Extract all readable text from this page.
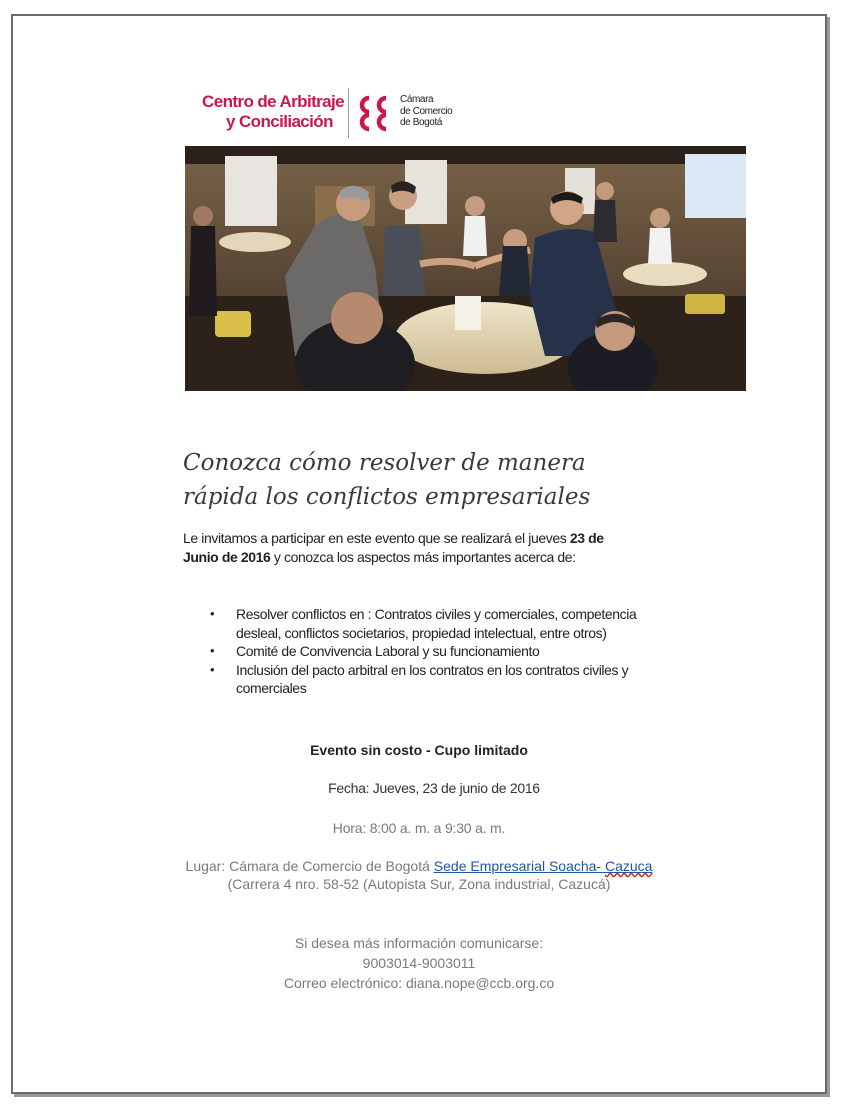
Centro de Arbitraje
y Conciliación
Cámara
de Comercio
de Bogotá
Conozca cómo resolver de manera
rápida los conflictos empresariales
Le invitamos a participar en este evento que se realizará el jueves 23 de Junio de 2016 y conozca los aspectos más importantes acerca de:
• Resolver conflictos en : Contratos civiles y comerciales, competencia desleal, conflictos societarios, propiedad intelectual, entre otros)
• Comité de Convivencia Laboral y su funcionamiento
• Inclusión del pacto arbitral en los contratos en los contratos civiles y comerciales
Evento sin costo - Cupo limitado
Fecha: Jueves, 23 de junio de 2016
Hora: 8:00 a. m. a 9:30 a. m.
Lugar: Cámara de Comercio de Bogotá Sede Empresarial Soacha- Cazuca (Carrera 4 nro. 58-52 (Autopista Sur, Zona industrial, Cazucá)
Si desea más información comunicarse:
9003014-9003011
Correo electrónico: diana.nope@ccb.org.co
